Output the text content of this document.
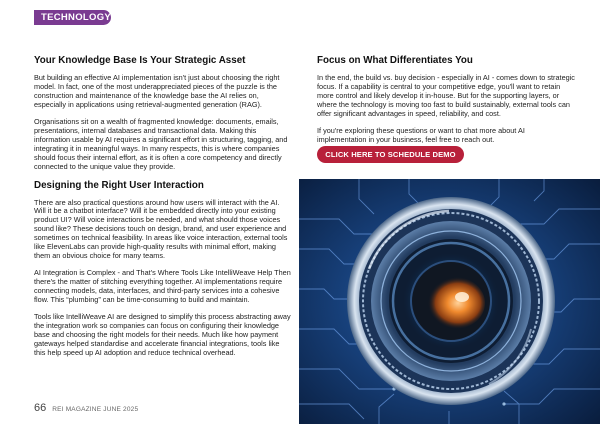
TECHNOLOGY
Your Knowledge Base Is Your Strategic Asset

But building an effective AI implementation isn't just about choosing the right model. In fact, one of the most underappreciated pieces of the puzzle is the construction and maintenance of the knowledge base the AI relies on, especially in applications using retrieval-augmented generation (RAG).

Organisations sit on a wealth of fragmented knowledge: documents, emails, presentations, internal databases and transactional data. Making this information usable by AI requires a significant effort in structuring, tagging, and integrating it in meaningful ways. In many respects, this is where companies should focus their internal effort, as it is often a core competency and directly connected to the unique value they provide.

Designing the Right User Interaction

There are also practical questions around how users will interact with the AI. Will it be a chatbot interface? Will it be embedded directly into your existing product UI? Will voice interactions be needed, and what should those voices sound like? These decisions touch on design, brand, and user experience and sometimes on technical feasibility. In areas like voice interaction, external tools like ElevenLabs can provide high-quality results with minimal effort, making them an obvious choice for many teams.

AI Integration is Complex - and That's Where Tools Like IntelliWeave Help Then there's the matter of stitching everything together. AI implementations require connecting models, data, interfaces, and third-party services into a cohesive flow. This “plumbing” can be time-consuming to build and maintain.

Tools like IntelliWeave AI are designed to simplify this process abstracting away the integration work so companies can focus on configuring their knowledge base and choosing the right models for their needs. Much like how payment gateways helped standardise and accelerate financial integrations, tools like this help speed up AI adoption and reduce technical overhead.

Focus on What Differentiates You

In the end, the build vs. buy decision - especially in AI - comes down to strategic focus. If a capability is central to your competitive edge, you'll want to retain more control and likely develop it in-house. But for the supporting layers, or where the technology is moving too fast to build sustainably, external tools can offer significant advantages in speed, reliability, and cost.

If you're exploring these questions or want to chat more about AI implementation in your business, feel free to reach out.

CLICK HERE TO SCHEDULE DEMO
66 REI MAGAZINE JUNE 2025
